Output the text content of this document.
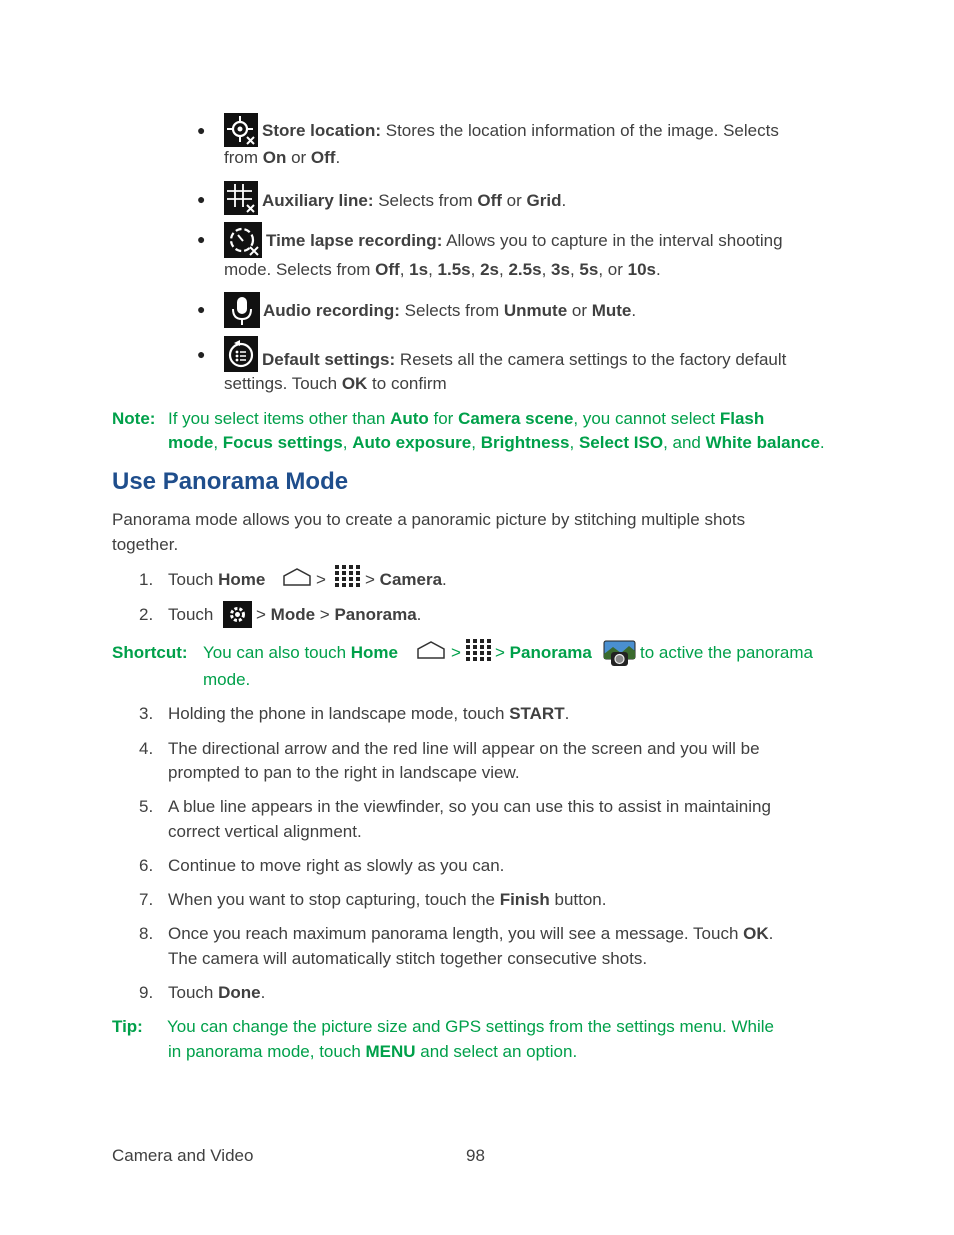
●	Store location: Stores the location information of the image. Selects
from On or Off.
●	Auxiliary line: Selects from Off or Grid.
●	Time lapse recording: Allows you to capture in the interval shooting
mode. Selects from Off, 1s, 1.5s, 2s, 2.5s, 3s, 5s, or 10s.
●	Audio recording: Selects from Unmute or Mute.
●	Default settings: Resets all the camera settings to the factory default
settings. Touch OK to confirm
Note: If you select items other than Auto for Camera scene, you cannot select Flash
mode, Focus settings, Auto exposure, Brightness, Select ISO, and White balance.
Use Panorama Mode
Panorama mode allows you to create a panoramic picture by stitching multiple shots
together.
1. Touch Home	> > Camera.
2. Touch	> Mode > Panorama.
Shortcut: You can also touch Home	> > Panorama	to active the panorama
mode.
3. Holding the phone in landscape mode, touch START.
4. The directional arrow and the red line will appear on the screen and you will be
prompted to pan to the right in landscape view.
5. A blue line appears in the viewfinder, so you can use this to assist in maintaining
correct vertical alignment.
6. Continue to move right as slowly as you can.
7. When you want to stop capturing, touch the Finish button.
8. Once you reach maximum panorama length, you will see a message. Touch OK.
The camera will automatically stitch together consecutive shots.
9. Touch Done.
Tip: You can change the picture size and GPS settings from the settings menu. While
in panorama mode, touch MENU and select an option.
Camera and Video	98
